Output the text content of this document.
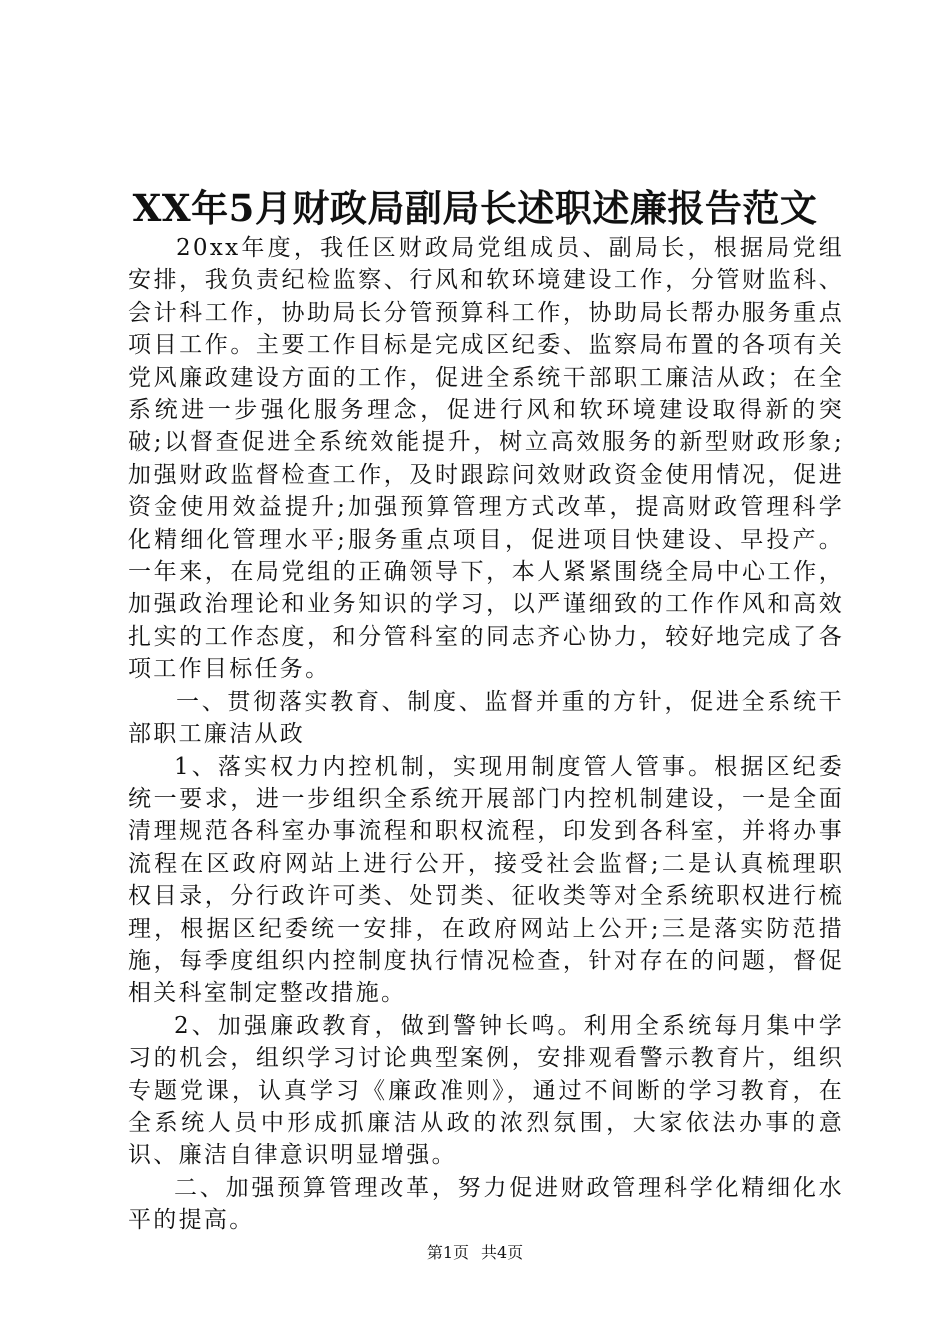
XX年5月财政局副局长述职述廉报告范文

20xx年度，我任区财政局党组成员、副局长，根据局党组安排，我负责纪检监察、行风和软环境建设工作，分管财监科、会计科工作，协助局长分管预算科工作，协助局长帮办服务重点项目工作。主要工作目标是完成区纪委、监察局布置的各项有关党风廉政建设方面的工作，促进全系统干部职工廉洁从政；在全系统进一步强化服务理念，促进行风和软环境建设取得新的突破;以督查促进全系统效能提升，树立高效服务的新型财政形象;加强财政监督检查工作，及时跟踪问效财政资金使用情况，促进资金使用效益提升;加强预算管理方式改革，提高财政管理科学化精细化管理水平;服务重点项目，促进项目快建设、早投产。一年来，在局党组的正确领导下，本人紧紧围绕全局中心工作，加强政治理论和业务知识的学习，以严谨细致的工作作风和高效扎实的工作态度，和分管科室的同志齐心协力，较好地完成了各项工作目标任务。

一、贯彻落实教育、制度、监督并重的方针，促进全系统干部职工廉洁从政

1、落实权力内控机制，实现用制度管人管事。根据区纪委统一要求，进一步组织全系统开展部门内控机制建设，一是全面清理规范各科室办事流程和职权流程，印发到各科室，并将办事流程在区政府网站上进行公开，接受社会监督;二是认真梳理职权目录，分行政许可类、处罚类、征收类等对全系统职权进行梳理，根据区纪委统一安排，在政府网站上公开;三是落实防范措施，每季度组织内控制度执行情况检查，针对存在的问题，督促相关科室制定整改措施。

2、加强廉政教育，做到警钟长鸣。利用全系统每月集中学习的机会，组织学习讨论典型案例，安排观看警示教育片，组织专题党课，认真学习《廉政准则》，通过不间断的学习教育，在全系统人员中形成抓廉洁从政的浓烈氛围，大家依法办事的意识、廉洁自律意识明显增强。

二、加强预算管理改革，努力促进财政管理科学化精细化水平的提高。

第1页 共4页
